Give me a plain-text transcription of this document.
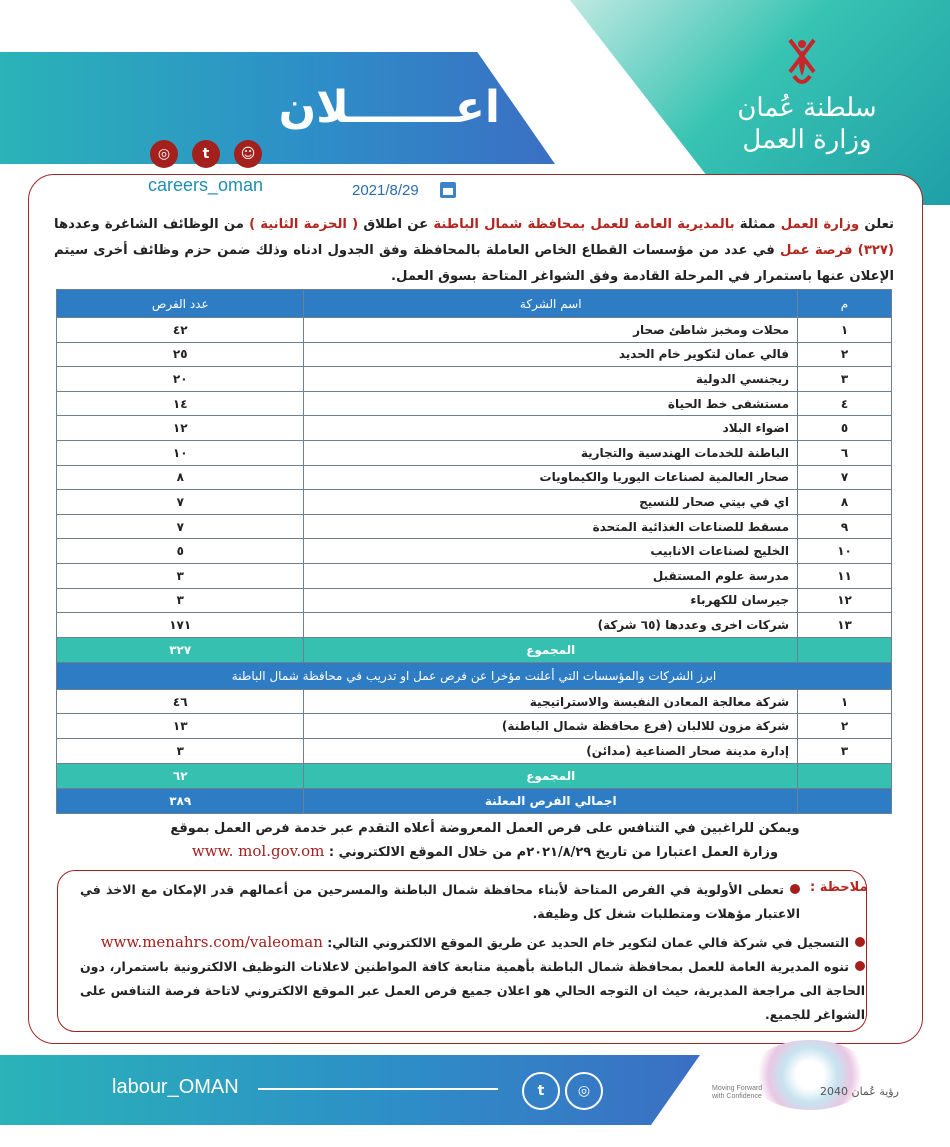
اعـــــــلان	سلطنة عُمان
وزارة العمل
◎	t	☺
careers_oman	2021/8/29
تعلن وزارة العمل ممثلة بالمديرية العامة للعمل بمحافظة شمال الباطنة عن اطلاق ( الحزمة الثانية ) من الوظائف الشاغرة وعددها (٣٢٧) فرصة عمل في عدد من مؤسسات القطاع الخاص العاملة بالمحافظة وفق الجدول ادناه وذلك ضمن حزم وظائف أخرى سيتم الإعلان عنها باستمرار في المرحلة القادمة وفق الشواغر المتاحة بسوق العمل.
م	اسم الشركة	عدد الفرص
١	محلات ومخبز شاطئ صحار	٤٢
٢	فالي عمان لتكوير خام الحديد	٢٥
٣	ريجنسي الدولية	٢٠
٤	مستشفى خط الحياة	١٤
٥	اضواء البلاد	١٢
٦	الباطنة للخدمات الهندسية والتجارية	١٠
٧	صحار العالمية لصناعات اليوريا والكيماويات	٨
٨	اي في بيتي صحار للنسيج	٧
٩	مسقط للصناعات الغذائية المتحدة	٧
١٠	الخليج لصناعات الانابيب	٥
١١	مدرسة علوم المستقبل	٣
١٢	جيرسان للكهرباء	٣
١٣	شركات اخرى وعددها (٦٥ شركة)	١٧١
	المجموع	٣٢٧
ابرز الشركات والمؤسسات التي أعلنت مؤخرا عن فرص عمل او تدريب في محافظة شمال الباطنة		
١	شركة معالجة المعادن النفيسة والاستراتيجية	٤٦
٢	شركة مزون للالبان (فرع محافظة شمال الباطنة)	١٣
٣	إدارة مدينة صحار الصناعية (مدائن)	٣
	المجموع	٦٢
	اجمالي الفرص المعلنة	٣٨٩
ويمكن للراغبين في التنافس على فرص العمل المعروضة أعلاه التقدم عبر خدمة فرص العمل بموقع
وزارة العمل اعتبارا من تاريخ ٢٠٢١/٨/٢٩م من خلال الموقع الالكتروني : www. mol.gov.om
ملاحظة :
تعطى الأولوية في الفرص المتاحة لأبناء محافظة شمال الباطنة والمسرحين من أعمالهم قدر الإمكان مع الاخذ في الاعتبار مؤهلات ومتطلبات شغل كل وظيفة.
التسجيل في شركة فالي عمان لتكوير خام الحديد عن طريق الموقع الالكتروني التالي: www.menahrs.com/valeoman
تنوه المديرية العامة للعمل بمحافظة شمال الباطنة بأهمية متابعة كافة المواطنين لاعلانات التوظيف الالكترونية باستمرار، دون الحاجة الى مراجعة المديرية، حيث ان التوجه الحالي هو اعلان جميع فرص العمل عبر الموقع الالكتروني لاتاحة فرصة التنافس على الشواغر للجميع.
labour_OMAN	t	◎	رؤية عُمان 2040
Moving Forward with Confidence
